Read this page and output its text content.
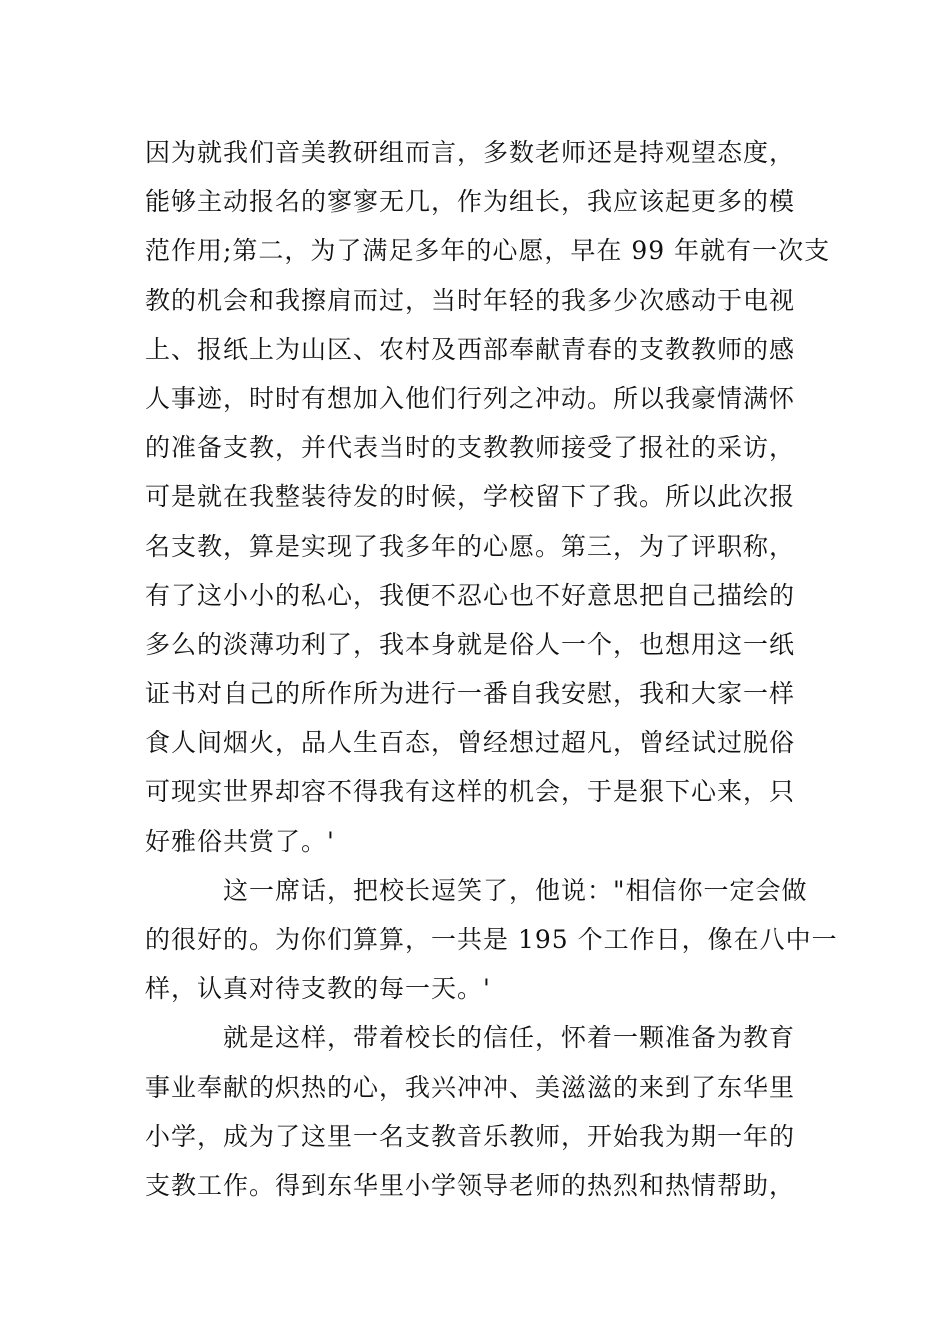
因为就我们音美教研组而言，多数老师还是持观望态度，
能够主动报名的寥寥无几，作为组长，我应该起更多的模
范作用;第二，为了满足多年的心愿，早在 99 年就有一次支
教的机会和我擦肩而过，当时年轻的我多少次感动于电视
上、报纸上为山区、农村及西部奉献青春的支教教师的感
人事迹，时时有想加入他们行列之冲动。所以我豪情满怀
的准备支教，并代表当时的支教教师接受了报社的采访，
可是就在我整装待发的时候，学校留下了我。所以此次报
名支教，算是实现了我多年的心愿。第三，为了评职称，
有了这小小的私心，我便不忍心也不好意思把自己描绘的
多么的淡薄功利了，我本身就是俗人一个，也想用这一纸
证书对自己的所作所为进行一番自我安慰，我和大家一样
食人间烟火，品人生百态，曾经想过超凡，曾经试过脱俗
可现实世界却容不得我有这样的机会，于是狠下心来，只
好雅俗共赏了。'
这一席话，把校长逗笑了，他说："相信你一定会做
的很好的。为你们算算，一共是 195 个工作日，像在八中一
样，认真对待支教的每一天。'
就是这样，带着校长的信任，怀着一颗准备为教育
事业奉献的炽热的心，我兴冲冲、美滋滋的来到了东华里
小学，成为了这里一名支教音乐教师，开始我为期一年的
支教工作。得到东华里小学领导老师的热烈和热情帮助，
